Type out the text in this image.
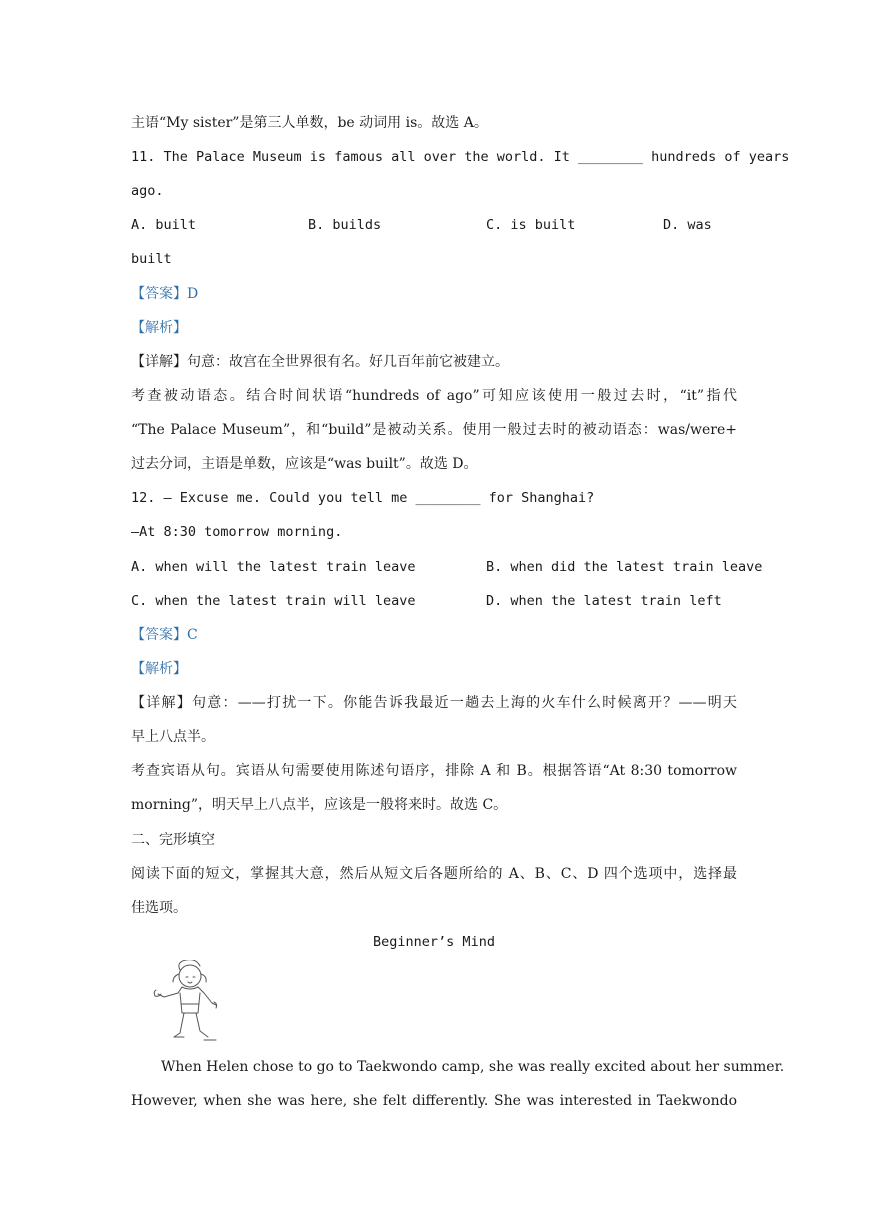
主语“My sister”是第三人单数，be 动词用 is。故选 A。
11. The Palace Museum is famous all over the world. It ________ hundreds of years
ago.
A. built	B. builds	C. is built	D. was
built
【答案】D
【解析】
【详解】句意：故宫在全世界很有名。好几百年前它被建立。
考查被动语态。结合时间状语“hundreds of ago”可知应该使用一般过去时，“it”指代
“The Palace Museum”，和“build”是被动关系。使用一般过去时的被动语态：was/were+
过去分词，主语是单数，应该是“was built”。故选 D。
12. — Excuse me. Could you tell me ________ for Shanghai?
—At 8:30 tomorrow morning.
A. when will the latest train leave	B. when did the latest train leave
C. when the latest train will leave	D. when the latest train left
【答案】C
【解析】
【详解】句意：——打扰一下。你能告诉我最近一趟去上海的火车什么时候离开？——明天
早上八点半。
考查宾语从句。宾语从句需要使用陈述句语序，排除 A 和 B。根据答语“At 8:30 tomorrow
morning”，明天早上八点半，应该是一般将来时。故选 C。
二、完形填空
阅读下面的短文，掌握其大意，然后从短文后各题所给的 A、B、C、D 四个选项中，选择最
佳选项。
Beginner’s Mind
When Helen chose to go to Taekwondo camp, she was really excited about her summer.
However, when she was here, she felt differently. She was interested in Taekwondo
